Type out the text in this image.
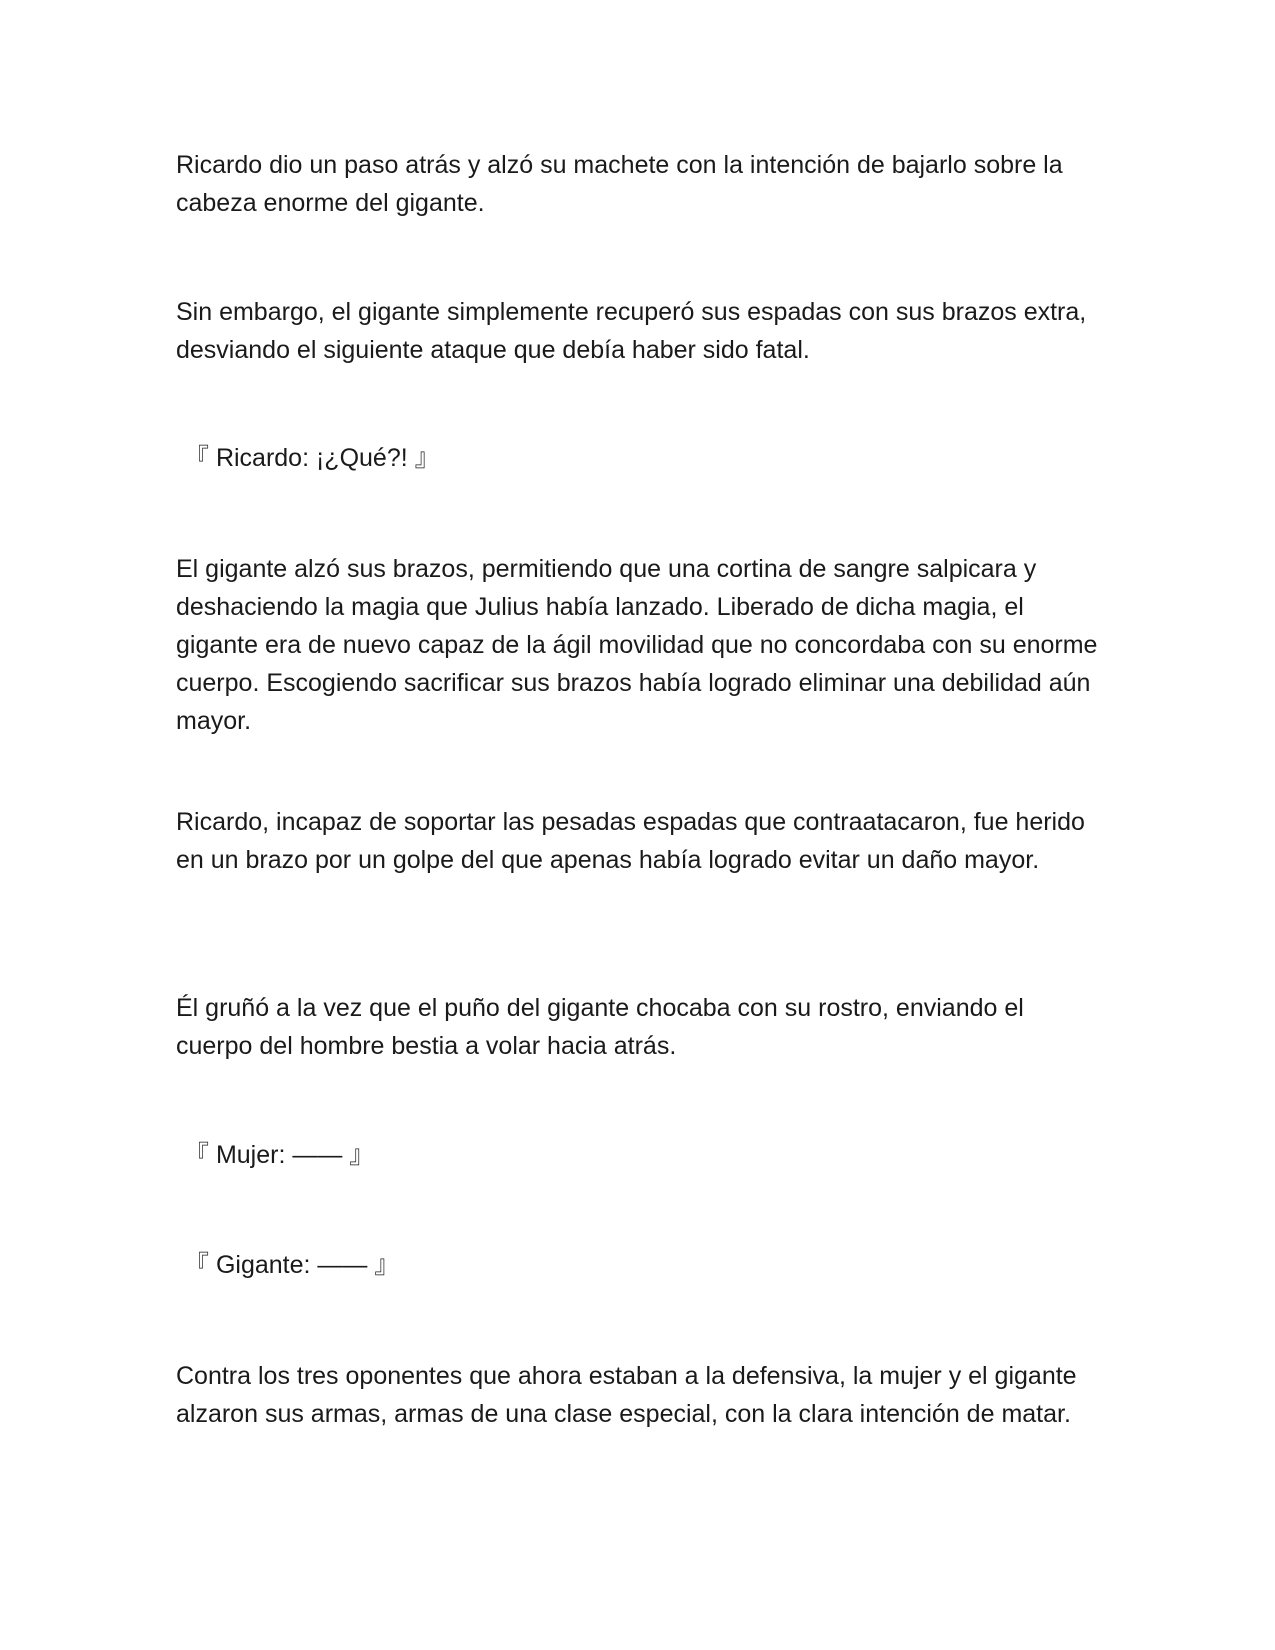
Ricardo dio un paso atrás y alzó su machete con la intención de bajarlo sobre la cabeza enorme del gigante.

Sin embargo, el gigante simplemente recuperó sus espadas con sus brazos extra, desviando el siguiente ataque que debía haber sido fatal.

『 Ricardo: ¡¿Qué?! 』

El gigante alzó sus brazos, permitiendo que una cortina de sangre salpicara y deshaciendo la magia que Julius había lanzado. Liberado de dicha magia, el gigante era de nuevo capaz de la ágil movilidad que no concordaba con su enorme cuerpo. Escogiendo sacrificar sus brazos había logrado eliminar una debilidad aún mayor.

Ricardo, incapaz de soportar las pesadas espadas que contraatacaron, fue herido en un brazo por un golpe del que apenas había logrado evitar un daño mayor.

Él gruñó a la vez que el puño del gigante chocaba con su rostro, enviando el cuerpo del hombre bestia a volar hacia atrás.

『 Mujer: —— 』

『 Gigante: —— 』

Contra los tres oponentes que ahora estaban a la defensiva, la mujer y el gigante alzaron sus armas, armas de una clase especial, con la clara intención de matar.
